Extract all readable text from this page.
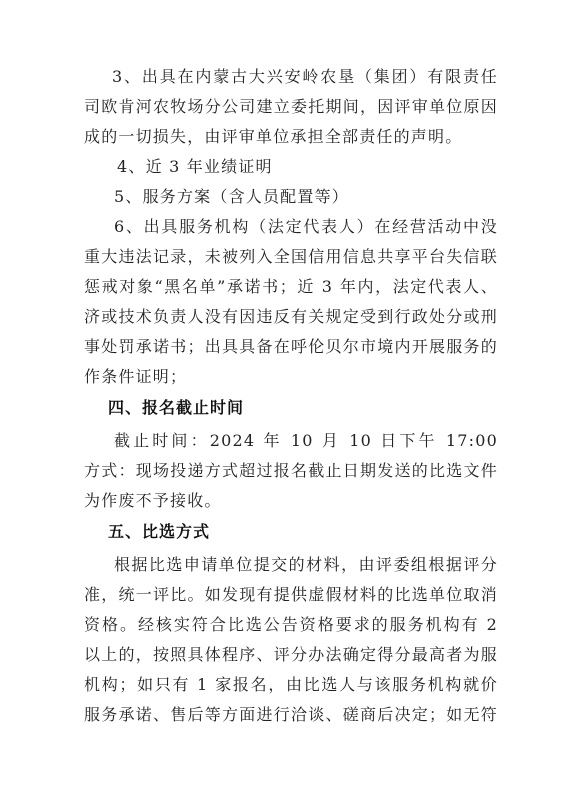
3、出具在内蒙古大兴安岭农垦（集团）有限责任
司欧肯河农牧场分公司建立委托期间，因评审单位原因
成的一切损失，由评审单位承担全部责任的声明。
4、近 3 年业绩证明
5、服务方案（含人员配置等）
6、出具服务机构（法定代表人）在经营活动中没
重大违法记录，未被列入全国信用信息共享平台失信联
惩戒对象“黑名单”承诺书；近 3 年内，法定代表人、
济或技术负责人没有因违反有关规定受到行政处分或刑
事处罚承诺书；出具具备在呼伦贝尔市境内开展服务的
作条件证明；
四、报名截止时间
截止时间：2024 年 10 月 10 日下午 17:00
方式：现场投递方式超过报名截止日期发送的比选文件
为作废不予接收。
五、比选方式
根据比选申请单位提交的材料，由评委组根据评分
准，统一评比。如发现有提供虚假材料的比选单位取消
资格。经核实符合比选公告资格要求的服务机构有 2
以上的，按照具体程序、评分办法确定得分最高者为服
机构；如只有 1 家报名，由比选人与该服务机构就价
服务承诺、售后等方面进行洽谈、磋商后决定；如无符
